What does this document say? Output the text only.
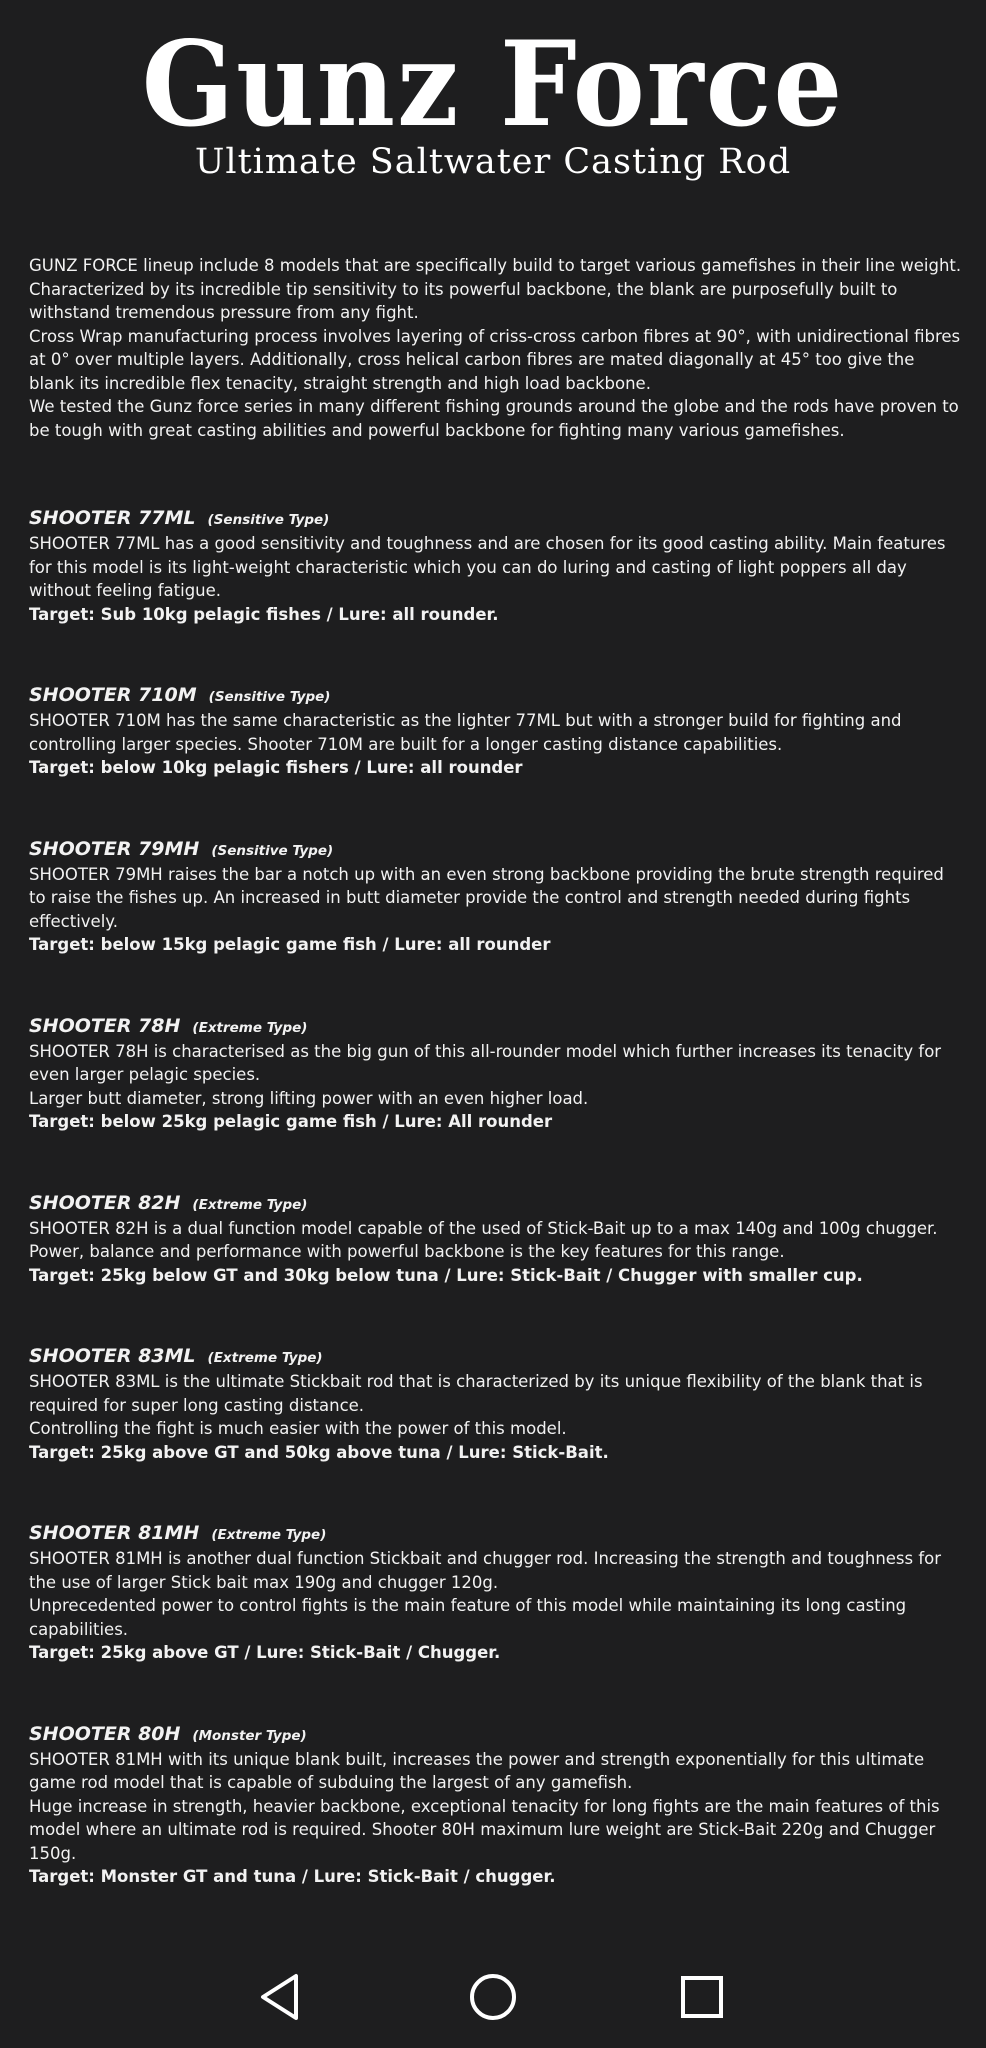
Gunz Force
Ultimate Saltwater Casting Rod

GUNZ FORCE lineup include 8 models that are specifically build to target various gamefishes in their line weight. Characterized by its incredible tip sensitivity to its powerful backbone, the blank are purposefully built to withstand tremendous pressure from any fight.

Cross Wrap manufacturing process involves layering of criss-cross carbon fibres at 90°, with unidirectional fibres at 0° over multiple layers. Additionally, cross helical carbon fibres are mated diagonally at 45° too give the blank its incredible flex tenacity, straight strength and high load backbone.

We tested the Gunz force series in many different fishing grounds around the globe and the rods have proven to be tough with great casting abilities and powerful backbone for fighting many various gamefishes.

SHOOTER 77ML (Sensitive Type)

SHOOTER 77ML has a good sensitivity and toughness and are chosen for its good casting ability. Main features for this model is its light-weight characteristic which you can do luring and casting of light poppers all day without feeling fatigue.

Target: Sub 10kg pelagic fishes / Lure: all rounder.

SHOOTER 710M (Sensitive Type)

SHOOTER 710M has the same characteristic as the lighter 77ML but with a stronger build for fighting and controlling larger species. Shooter 710M are built for a longer casting distance capabilities.

Target: below 10kg pelagic fishers / Lure: all rounder

SHOOTER 79MH (Sensitive Type)

SHOOTER 79MH raises the bar a notch up with an even strong backbone providing the brute strength required to raise the fishes up. An increased in butt diameter provide the control and strength needed during fights effectively.

Target: below 15kg pelagic game fish / Lure: all rounder

SHOOTER 78H (Extreme Type)

SHOOTER 78H is characterised as the big gun of this all-rounder model which further increases its tenacity for even larger pelagic species.

Larger butt diameter, strong lifting power with an even higher load.

Target: below 25kg pelagic game fish / Lure: All rounder

SHOOTER 82H (Extreme Type)

SHOOTER 82H is a dual function model capable of the used of Stick-Bait up to a max 140g and 100g chugger. Power, balance and performance with powerful backbone is the key features for this range.

Target: 25kg below GT and 30kg below tuna / Lure: Stick-Bait / Chugger with smaller cup.

SHOOTER 83ML (Extreme Type)

SHOOTER 83ML is the ultimate Stickbait rod that is characterized by its unique flexibility of the blank that is required for super long casting distance.

Controlling the fight is much easier with the power of this model.

Target: 25kg above GT and 50kg above tuna / Lure: Stick-Bait.

SHOOTER 81MH (Extreme Type)

SHOOTER 81MH is another dual function Stickbait and chugger rod. Increasing the strength and toughness for the use of larger Stick bait max 190g and chugger 120g.

Unprecedented power to control fights is the main feature of this model while maintaining its long casting capabilities.

Target: 25kg above GT / Lure: Stick-Bait / Chugger.

SHOOTER 80H (Monster Type)

SHOOTER 81MH with its unique blank built, increases the power and strength exponentially for this ultimate game rod model that is capable of subduing the largest of any gamefish.

Huge increase in strength, heavier backbone, exceptional tenacity for long fights are the main features of this model where an ultimate rod is required. Shooter 80H maximum lure weight are Stick-Bait 220g and Chugger 150g.

Target: Monster GT and tuna / Lure: Stick-Bait / chugger.
